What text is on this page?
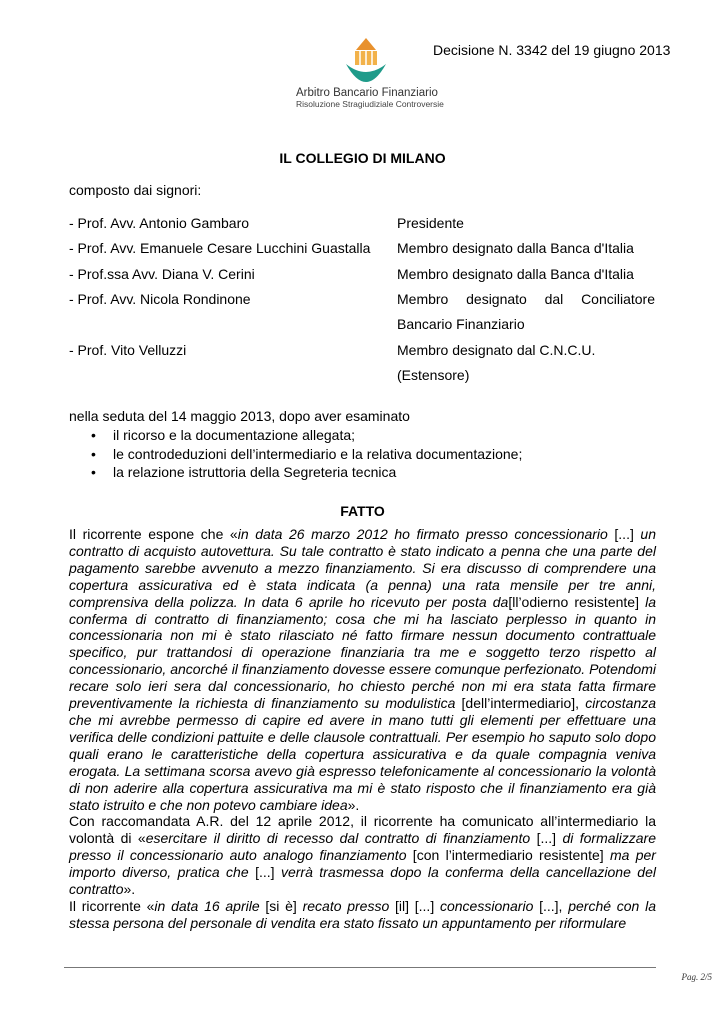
Arbitro Bancario Finanziario
Risoluzione Stragiudiziale Controversie
Decisione N. 3342 del 19 giugno 2013
IL COLLEGIO DI MILANO
composto dai signori:
- Prof. Avv. Antonio Gambaro	Presidente
- Prof. Avv. Emanuele Cesare Lucchini Guastalla Membro designato dalla Banca d'Italia
- Prof.ssa Avv. Diana V. Cerini	Membro designato dalla Banca d'Italia
- Prof. Avv. Nicola Rondinone	Membro designato dal Conciliatore
Bancario Finanziario
- Prof. Vito Velluzzi	Membro designato dal C.N.C.U.
(Estensore)
nella seduta del 14 maggio 2013, dopo aver esaminato
• il ricorso e la documentazione allegata;
• le controdeduzioni dell’intermediario e la relativa documentazione;
• la relazione istruttoria della Segreteria tecnica
FATTO

Il ricorrente espone che «in data 26 marzo 2012 ho firmato presso concessionario [...] un contratto di acquisto autovettura. Su tale contratto è stato indicato a penna che una parte del pagamento sarebbe avvenuto a mezzo finanziamento. Si era discusso di comprendere una copertura assicurativa ed è stata indicata (a penna) una rata mensile per tre anni, comprensiva della polizza. In data 6 aprile ho ricevuto per posta da[ll’odierno resistente] la conferma di contratto di finanziamento; cosa che mi ha lasciato perplesso in quanto in concessionaria non mi è stato rilasciato né fatto firmare nessun documento contrattuale specifico, pur trattandosi di operazione finanziaria tra me e soggetto terzo rispetto al concessionario, ancorché il finanziamento dovesse essere comunque perfezionato. Potendomi recare solo ieri sera dal concessionario, ho chiesto perché non mi era stata fatta firmare preventivamente la richiesta di finanziamento su modulistica [dell’intermediario], circostanza che mi avrebbe permesso di capire ed avere in mano tutti gli elementi per effettuare una verifica delle condizioni pattuite e delle clausole contrattuali. Per esempio ho saputo solo dopo quali erano le caratteristiche della copertura assicurativa e da quale compagnia veniva erogata. La settimana scorsa avevo già espresso telefonicamente al concessionario la volontà di non aderire alla copertura assicurativa ma mi è stato risposto che il finanziamento era già stato istruito e che non potevo cambiare idea».

Con raccomandata A.R. del 12 aprile 2012, il ricorrente ha comunicato all’intermediario la volontà di «esercitare il diritto di recesso dal contratto di finanziamento [...] di formalizzare presso il concessionario auto analogo finanziamento [con l’intermediario resistente] ma per importo diverso, pratica che [...] verrà trasmessa dopo la conferma della cancellazione del contratto».

Il ricorrente «in data 16 aprile [si è] recato presso [il] [...] concessionario [...], perché con la stessa persona del personale di vendita era stato fissato un appuntamento per riformulare

Pag. 2/5
